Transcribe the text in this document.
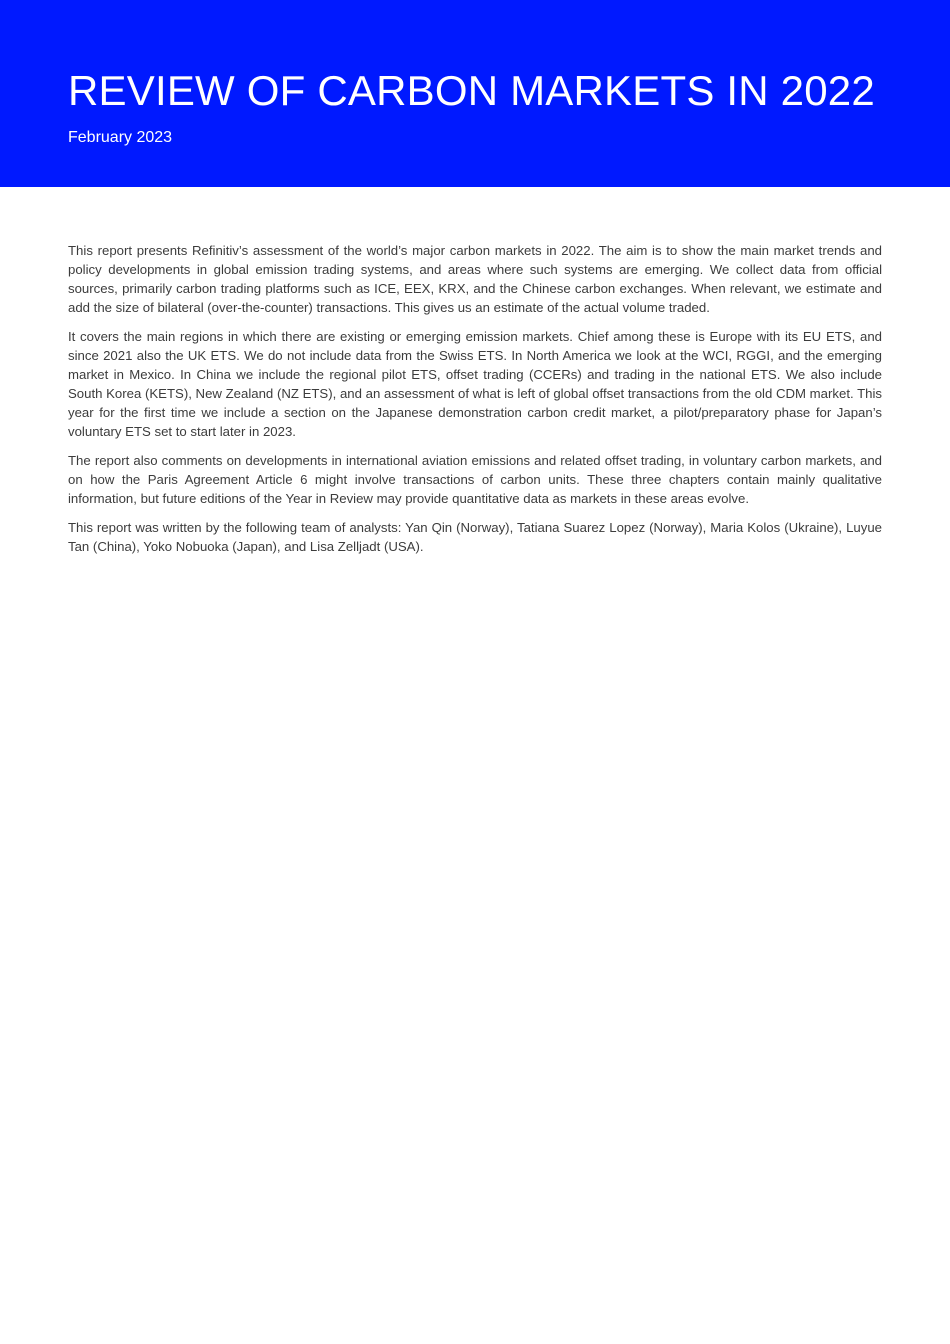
REVIEW OF CARBON MARKETS IN 2022
February 2023

This report presents Refinitiv’s assessment of the world’s major carbon markets in 2022. The aim is to show the main market trends and policy developments in global emission trading systems, and areas where such systems are emerging. We collect data from official sources, primarily carbon trading platforms such as ICE, EEX, KRX, and the Chinese carbon exchanges. When relevant, we estimate and add the size of bilateral (over-the-counter) transactions. This gives us an estimate of the actual volume traded.

It covers the main regions in which there are existing or emerging emission markets. Chief among these is Europe with its EU ETS, and since 2021 also the UK ETS. We do not include data from the Swiss ETS. In North America we look at the WCI, RGGI, and the emerging market in Mexico. In China we include the regional pilot ETS, offset trading (CCERs) and trading in the national ETS. We also include South Korea (KETS), New Zealand (NZ ETS), and an assessment of what is left of global offset transactions from the old CDM market. This year for the first time we include a section on the Japanese demonstration carbon credit market, a pilot/preparatory phase for Japan’s voluntary ETS set to start later in 2023.

The report also comments on developments in international aviation emissions and related offset trading, in voluntary carbon markets, and on how the Paris Agreement Article 6 might involve transactions of carbon units. These three chapters contain mainly qualitative information, but future editions of the Year in Review may provide quantitative data as markets in these areas evolve.

This report was written by the following team of analysts: Yan Qin (Norway), Tatiana Suarez Lopez (Norway), Maria Kolos (Ukraine), Luyue Tan (China), Yoko Nobuoka (Japan), and Lisa Zelljadt (USA).
